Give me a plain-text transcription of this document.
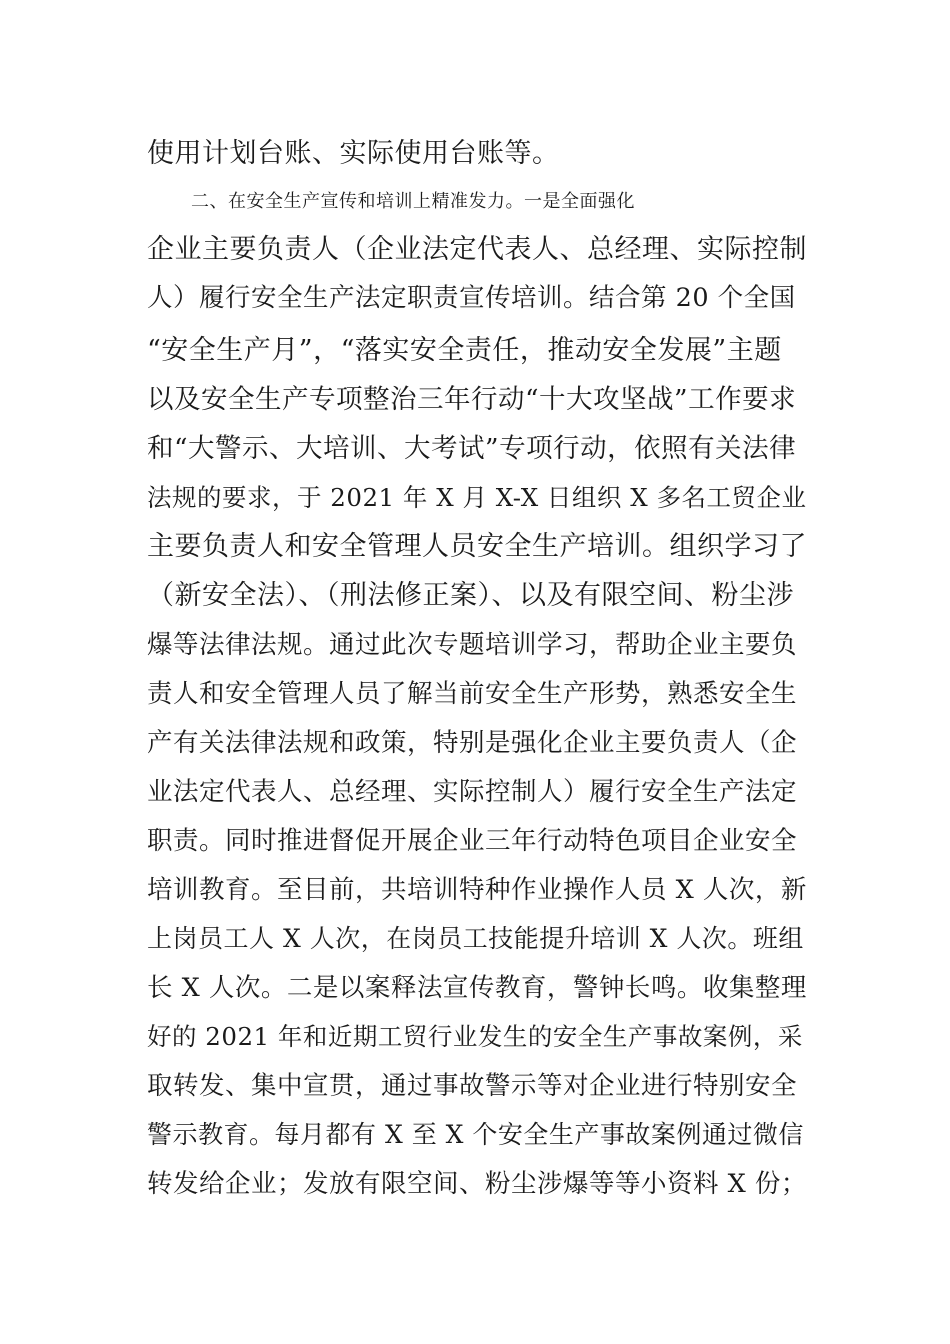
使用计划台账、实际使用台账等。
二、在安全生产宣传和培训上精准发力。一是全面强化
企业主要负责人（企业法定代表人、总经理、实际控制
人）履行安全生产法定职责宣传培训。结合第 20 个全国
“安全生产月”，“落实安全责任，推动安全发展”主题
以及安全生产专项整治三年行动“十大攻坚战”工作要求
和“大警示、大培训、大考试”专项行动，依照有关法律
法规的要求，于 2021 年 X 月 X-X 日组织 X 多名工贸企业
主要负责人和安全管理人员安全生产培训。组织学习了
（新安全法）、（刑法修正案）、以及有限空间、粉尘涉
爆等法律法规。通过此次专题培训学习，帮助企业主要负
责人和安全管理人员了解当前安全生产形势，熟悉安全生
产有关法律法规和政策，特别是强化企业主要负责人（企
业法定代表人、总经理、实际控制人）履行安全生产法定
职责。同时推进督促开展企业三年行动特色项目企业安全
培训教育。至目前，共培训特种作业操作人员 X 人次，新
上岗员工人 X 人次，在岗员工技能提升培训 X 人次。班组
长 X 人次。二是以案释法宣传教育，警钟长鸣。收集整理
好的 2021 年和近期工贸行业发生的安全生产事故案例，采
取转发、集中宣贯，通过事故警示等对企业进行特别安全
警示教育。每月都有 X 至 X 个安全生产事故案例通过微信
转发给企业；发放有限空间、粉尘涉爆等等小资料 X 份；
